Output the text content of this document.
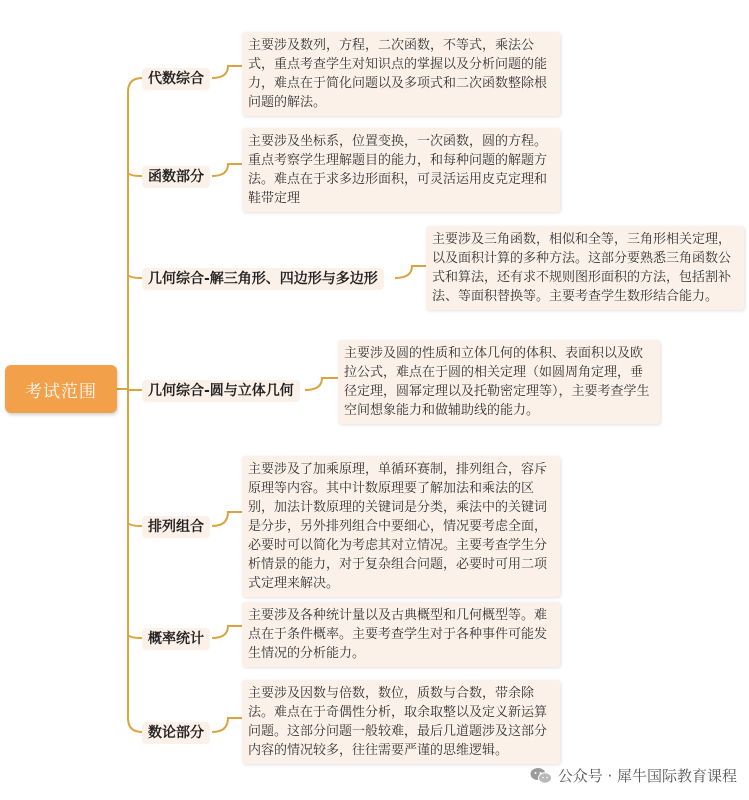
考试范围
代数综合
主要涉及数列，方程，二次函数，不等式，乘法公式，重点考查学生对知识点的掌握以及分析问题的能力，难点在于简化问题以及多项式和二次函数整除根问题的解法。
函数部分
主要涉及坐标系，位置变换，一次函数，圆的方程。重点考察学生理解题目的能力，和每种问题的解题方法。难点在于求多边形面积，可灵活运用皮克定理和鞋带定理
几何综合-解三角形、四边形与多边形
主要涉及三角函数，相似和全等，三角形相关定理，以及面积计算的多种方法。这部分要熟悉三角函数公式和算法，还有求不规则图形面积的方法，包括割补法、等面积替换等。主要考查学生数形结合能力。
几何综合-圆与立体几何
主要涉及圆的性质和立体几何的体积、表面积以及欧拉公式，难点在于圆的相关定理（如圆周角定理，垂径定理，圆幂定理以及托勒密定理等），主要考查学生空间想象能力和做辅助线的能力。
排列组合
主要涉及了加乘原理，单循环赛制，排列组合，容斥原理等内容。其中计数原理要了解加法和乘法的区别，加法计数原理的关键词是分类，乘法中的关键词是分步，另外排列组合中要细心，情况要考虑全面，必要时可以简化为考虑其对立情况。主要考查学生分析情景的能力，对于复杂组合问题，必要时可用二项式定理来解决。
概率统计
主要涉及各种统计量以及古典概型和几何概型等。难点在于条件概率。主要考查学生对于各种事件可能发生情况的分析能力。
数论部分
主要涉及因数与倍数，数位，质数与合数，带余除法。难点在于奇偶性分析，取余取整以及定义新运算问题。这部分问题一般较难，最后几道题涉及这部分内容的情况较多，往往需要严谨的思维逻辑。
公众号 · 犀牛国际教育课程
